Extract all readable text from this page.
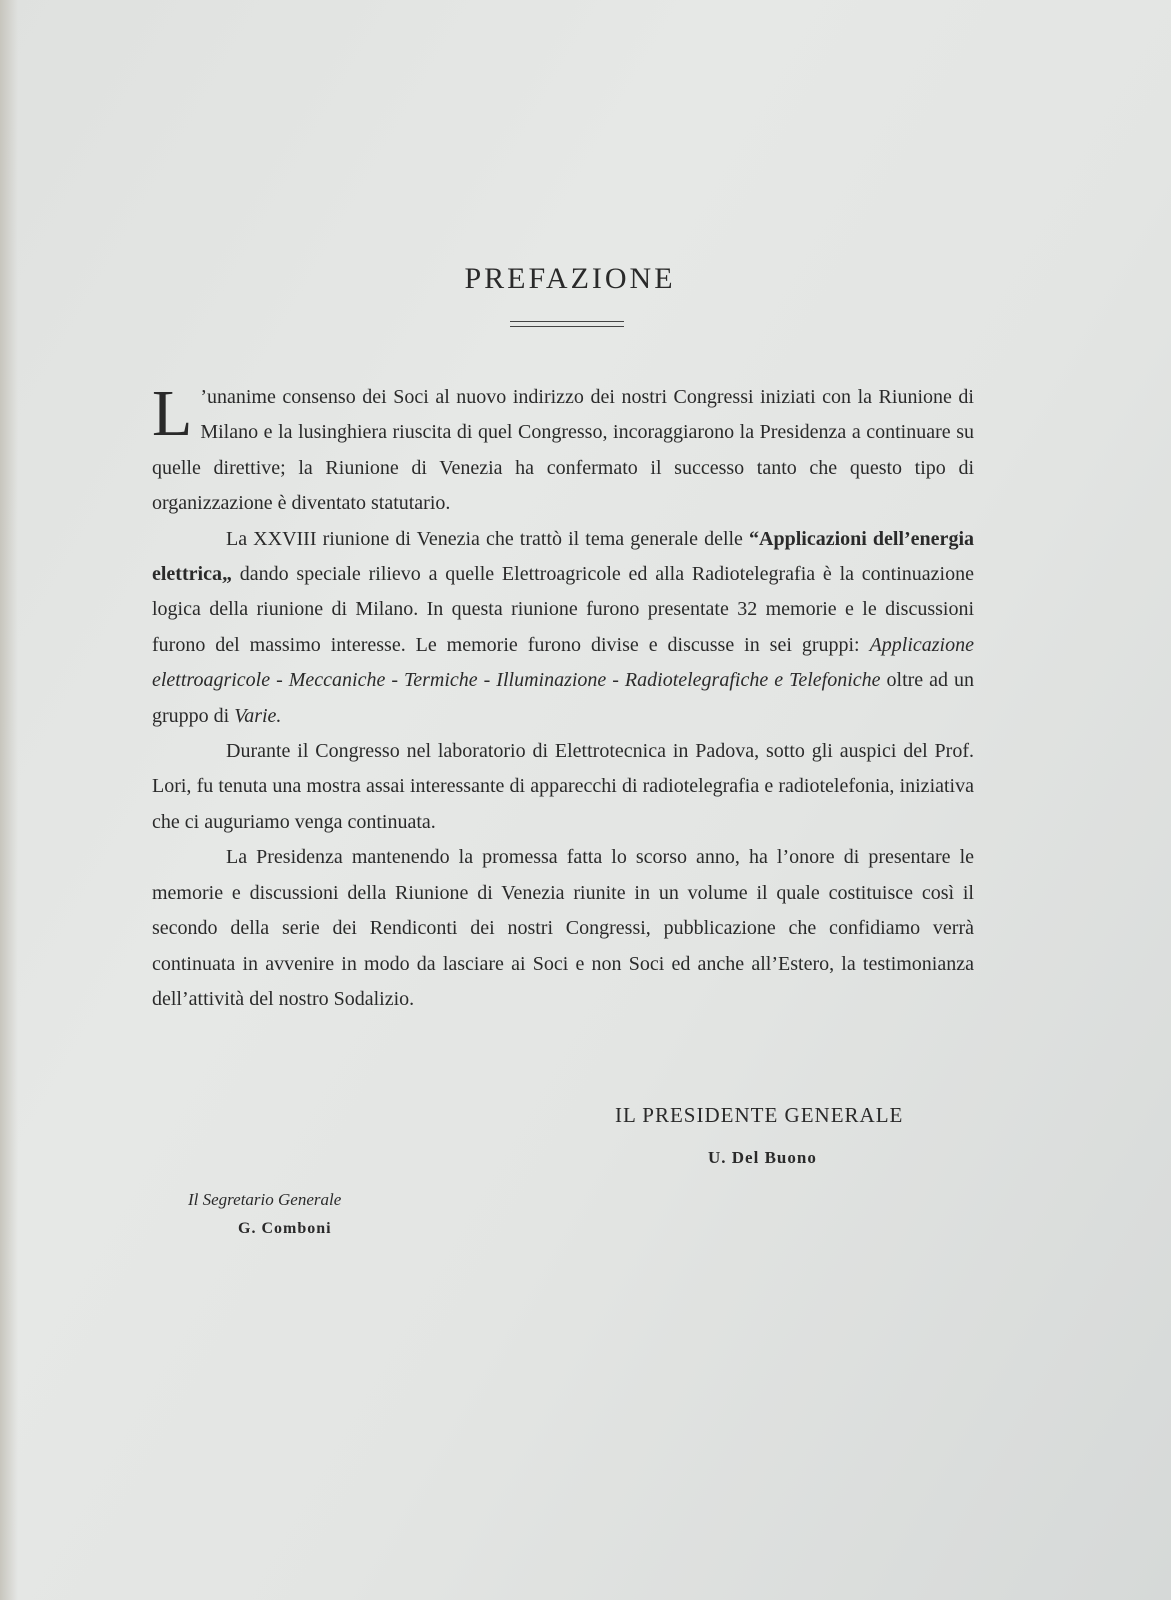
PREFAZIONE

L ’unanime consenso dei Soci al nuovo indirizzo dei nostri Congressi iniziati con la Riunione di Milano e la lusinghiera riuscita di quel Congresso, incoraggiarono la Presidenza a continuare su quelle direttive; la Riunione di Venezia ha confermato il successo tanto che questo tipo di organizzazione è diventato statutario.

La XXVIII riunione di Venezia che trattò il tema generale delle “Applicazioni dell’energia elettrica„ dando speciale rilievo a quelle Elettroagricole ed alla Radiotelegrafia è la continuazione logica della riunione di Milano. In questa riunione furono presentate 32 memorie e le discussioni furono del massimo interesse. Le memorie furono divise e discusse in sei gruppi: Applicazione elettroagricole - Meccaniche - Termiche - Illuminazione - Radiotelegrafiche e Telefoniche oltre ad un gruppo di Varie.

Durante il Congresso nel laboratorio di Elettrotecnica in Padova, sotto gli auspici del Prof. Lori, fu tenuta una mostra assai interessante di apparecchi di radiotelegrafia e radiotelefonia, iniziativa che ci auguriamo venga continuata.

La Presidenza mantenendo la promessa fatta lo scorso anno, ha l’onore di presentare le memorie e discussioni della Riunione di Venezia riunite in un volume il quale costituisce così il secondo della serie dei Rendiconti dei nostri Congressi, pubblicazione che confidiamo verrà continuata in avvenire in modo da lasciare ai Soci e non Soci ed anche all’Estero, la testimonianza dell’attività del nostro Sodalizio.

IL PRESIDENTE GENERALE
U. Del Buono
Il Segretario Generale
G. Comboni
